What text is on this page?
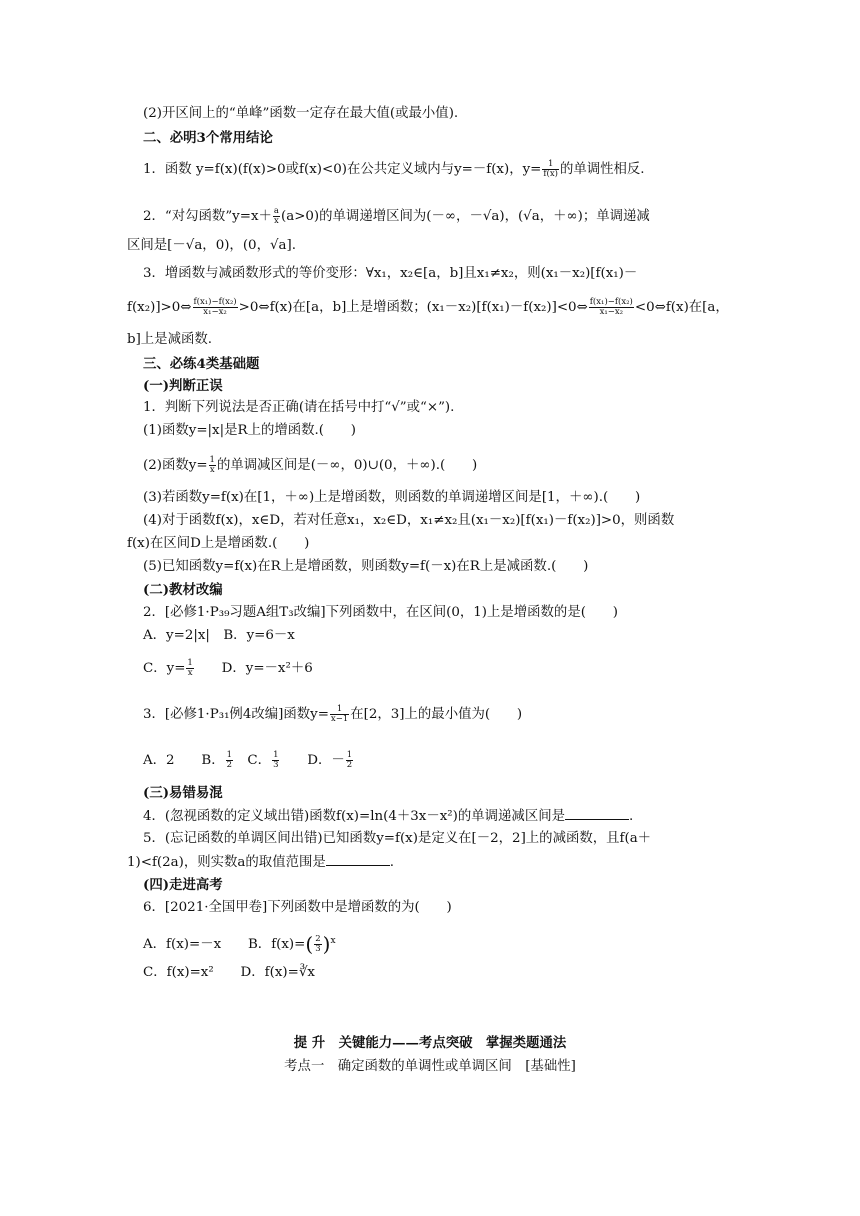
(2)开区间上的“单峰”函数一定存在最大值(或最小值).
二、必明3个常用结论
1．函数 y=f(x)(f(x)>0或f(x)<0)在公共定义域内与y=－f(x)，$y= \frac{1}{f(x)}$ 的单调性相反.
2．“对勾函数”y=x＋ $\frac{a}{x} (a>0)$的单调递增区间为(－∞，－√a)，(√a，＋∞)；单调递减
区间是[－√a，0)，(0，√a].
3．增函数与减函数形式的等价变形：∀x₁，x₂∈[a，b]且x₁≠x₂，则(x₁－x₂)[f(x₁)－
f(x₂)]>0⇔ $\frac{\text{f(x₁)−f(x₂)}}{\text{x₁−x₂}}$ >0⇔f(x)在[a，b]上是增函数；(x₁－x₂)[f(x₁)－f(x₂)]<0⇔ $\frac{\text{f(x₁)−f(x₂)}}{\text{x₁−x₂}}$ <0⇔f(x)在[a，
b]上是减函数.
三、必练4类基础题
(一)判断正误
1．判断下列说法是否正确(请在括号中打“√”或“×”).
(1)函数y=|x|是R上的增函数.(　　)
(2)函数$y= \frac{1}{x}$ 的单调减区间是(－∞，0)∪(0，＋∞).(　　)
(3)若函数y=f(x)在[1，＋∞)上是增函数，则函数的单调递增区间是[1，＋∞).(　　)
(4)对于函数f(x)，x∈D，若对任意x₁，x₂∈D，x₁≠x₂且(x₁－x₂)[f(x₁)－f(x₂)]>0，则函数
f(x)在区间D上是增函数.(　　)
(5)已知函数y=f(x)在R上是增函数，则函数y=f(－x)在R上是减函数.(　　)
(二)教材改编
2．[必修1·P₃₉习题A组T₃改编]下列函数中，在区间(0，1)上是增函数的是(　　)
A．y=2|x|　 B．y=6－x
C．$y= \frac{1}{x}$
　　 D．y=－x²＋6
3．[必修1·P₃₁例4改编]函数$y= \frac{1}{x-1}$ 在[2，3]上的最小值为(　　)
A．2　　 B． $\frac{1}{2}$
　 C． $\frac{1}{3}$
　　 D．－ $\frac{1}{2}$
(三)易错易混
4．(忽视函数的定义域出错)函数f(x)=ln(4＋3x－x²)的单调递减区间是	.
5．(忘记函数的单调区间出错)已知函数y=f(x)是定义在[－2，2]上的减函数，且f(a＋
1)<f(2a)，则实数a的取值范围是	.
(四)走进高考
6．[2021·全国甲卷]下列函数中是增函数的为(　　)
A．f(x)=－x　　 B．$f(x)=( \frac{2}{3} )^x$
C．f(x)=x²　　 D．f(x)=∛x
提 升　关键能力——考点突破　掌握类题通法
考点一　确定函数的单调性或单调区间　[基础性]
